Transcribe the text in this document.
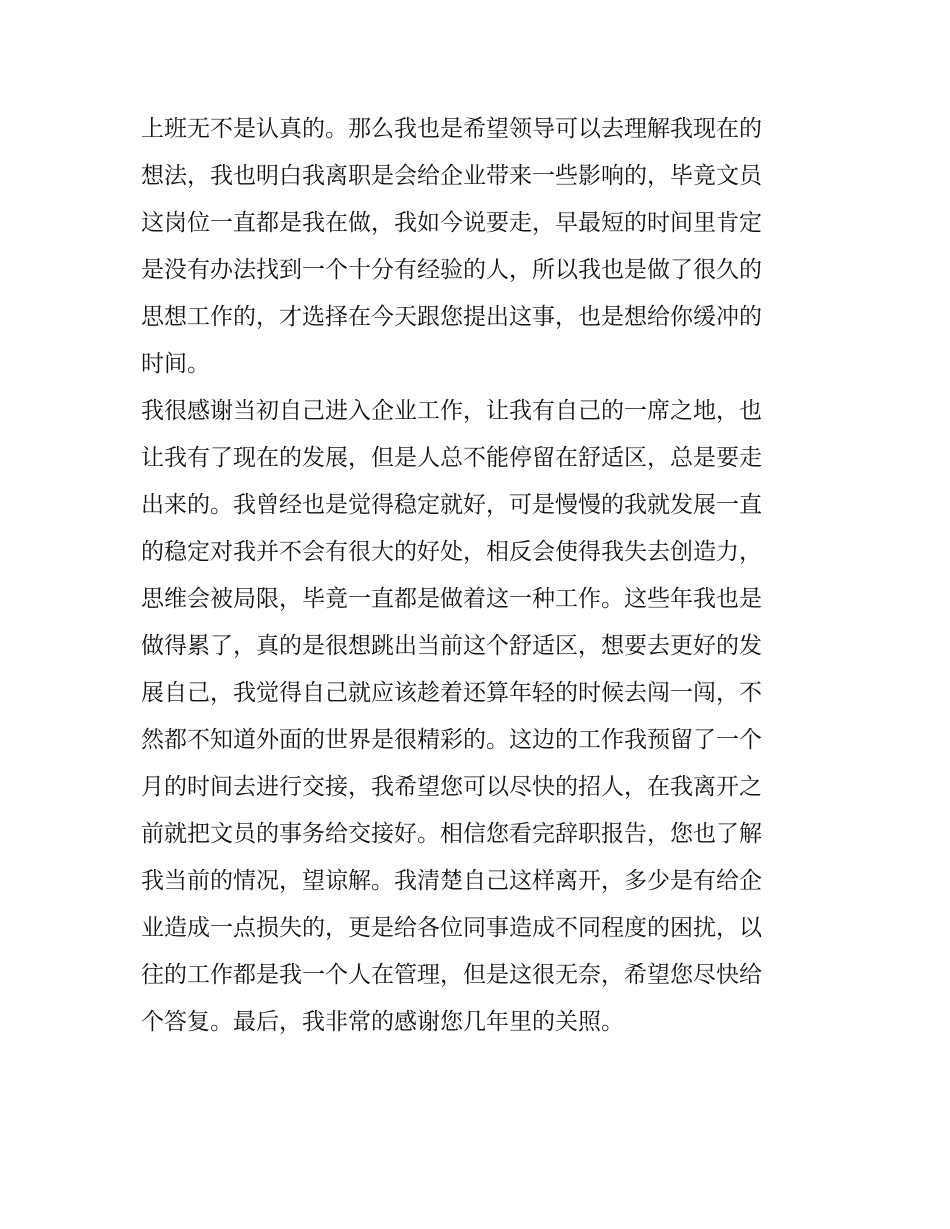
上班无不是认真的。那么我也是希望领导可以去理解我现在的
想法，我也明白我离职是会给企业带来一些影响的，毕竟文员
这岗位一直都是我在做，我如今说要走，早最短的时间里肯定
是没有办法找到一个十分有经验的人，所以我也是做了很久的
思想工作的，才选择在今天跟您提出这事，也是想给你缓冲的
时间。
我很感谢当初自己进入企业工作，让我有自己的一席之地，也
让我有了现在的发展，但是人总不能停留在舒适区，总是要走
出来的。我曾经也是觉得稳定就好，可是慢慢的我就发展一直
的稳定对我并不会有很大的好处，相反会使得我失去创造力，
思维会被局限，毕竟一直都是做着这一种工作。这些年我也是
做得累了，真的是很想跳出当前这个舒适区，想要去更好的发
展自己，我觉得自己就应该趁着还算年轻的时候去闯一闯，不
然都不知道外面的世界是很精彩的。这边的工作我预留了一个
月的时间去进行交接，我希望您可以尽快的招人，在我离开之
前就把文员的事务给交接好。相信您看完辞职报告，您也了解
我当前的情况，望谅解。我清楚自己这样离开，多少是有给企
业造成一点损失的，更是给各位同事造成不同程度的困扰，以
往的工作都是我一个人在管理，但是这很无奈，希望您尽快给
个答复。最后，我非常的感谢您几年里的关照。
